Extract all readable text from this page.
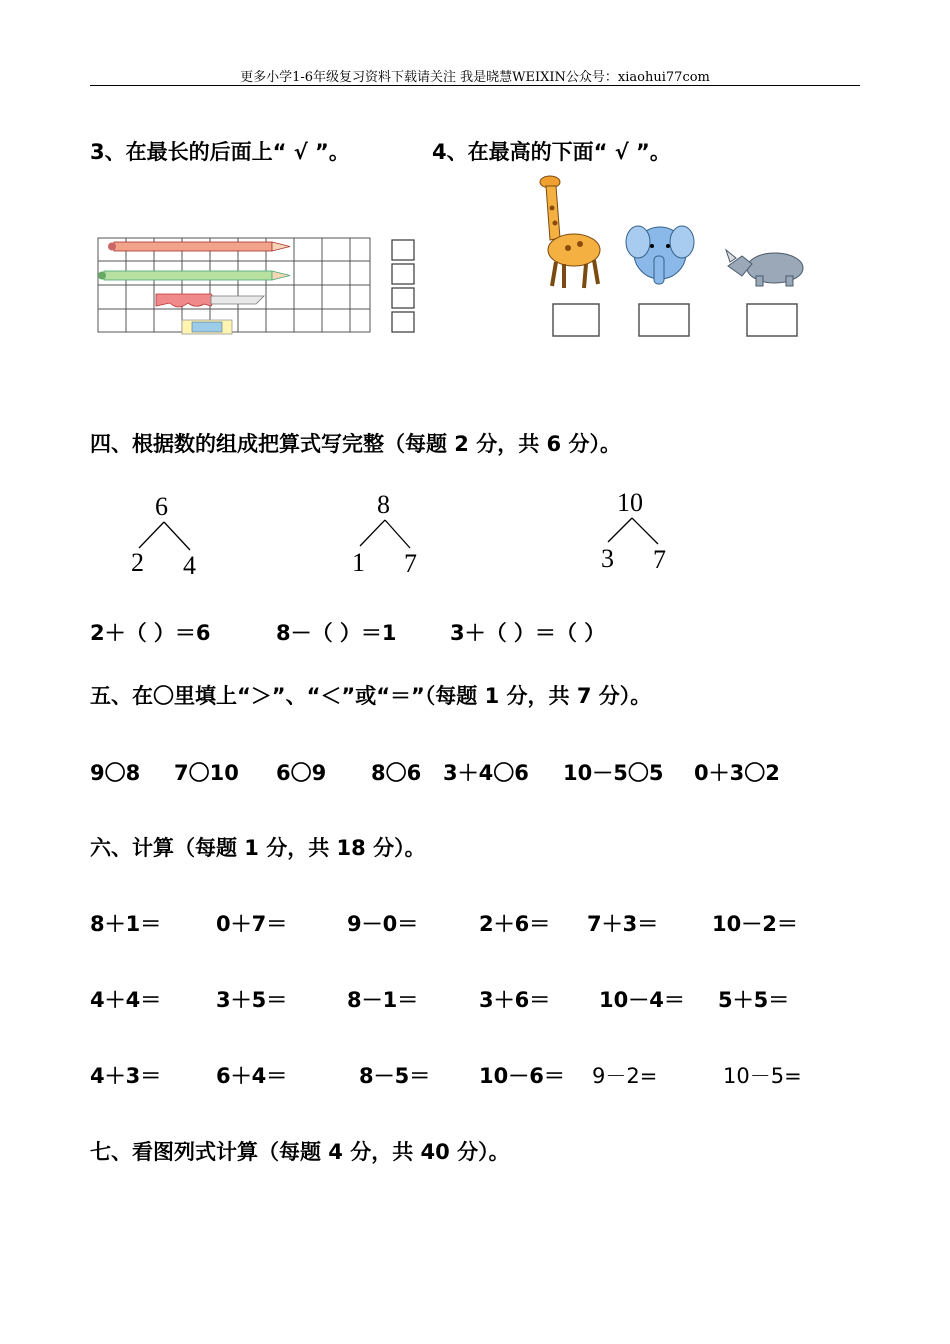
更多小学1-6年级复习资料下载请关注 我是晓慧WEIXIN公众号：xiaohui77com
3、在最长的后面上“ √ ”。	4、在最高的下面“ √ ”。
四、根据数的组成把算式写完整（每题 2 分，共 6 分）。
6
2 4
8
1 7
10
3 7
2＋（ ）＝6	8－（ ）＝1	3＋（ ）＝（ ）
五、在〇里填上“＞”、“＜”或“＝”（每题 1 分，共 7 分）。
9〇8 7〇10 6〇9 8〇6 3＋4〇6 10－5〇5 0＋3〇2
六、计算（每题 1 分，共 18 分）。
8＋1＝	0＋7＝	9－0＝	2＋6＝ 7＋3＝	10－2＝
4＋4＝	3＋5＝	8－1＝	3＋6＝ 10－4＝ 5＋5＝
4＋3＝	6＋4＝	8－5＝ 10－6＝ 9－2=	10－5=
七、看图列式计算（每题 4 分，共 40 分）。
